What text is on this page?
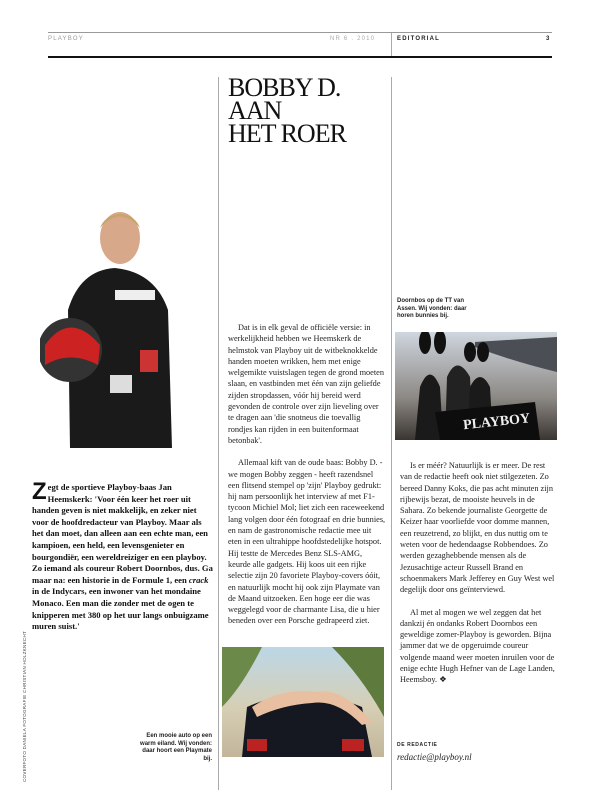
PLAYBOY	NR 6 . 2010	EDITORIAL	3
BOBBY D.
AAN
HET ROER
Zegt de sportieve Playboy-baas Jan Heemskerk: 'Voor één keer het roer uit handen geven is niet makkelijk, en zeker niet voor de hoofdredacteur van Playboy. Maar als het dan moet, dan alleen aan een echte man, een kampioen, een held, een levensgenieter en bourgondiër, een wereldreiziger en een playboy. Zo iemand als coureur Robert Doornbos, dus. Ga maar na: een historie in de Formule 1, een crack in de Indycars, een inwoner van het mondaine Monaco. Een man die zonder met de ogen te knipperen met 380 op het uur langs onbuigzame muren suist.'
COVERFOTO DANIELA FOTOGRAFIE CHRISTIAN HOLZKNECHT	Een mooie auto op een warm eiland. Wij vonden: daar hoort een Playmate bij.

Dat is in elk geval de officiële versie: in werkelijkheid hebben we Heemskerk de helmstok van Playboy uit de witbeknokkelde handen moeten wrikken, hem met enige welgemikte vuistslagen tegen de grond moeten slaan, en vastbinden met één van zijn geliefde zijden stropdassen, vóór hij bereid werd gevonden de controle over zijn lieveling over te dragen aan 'die snotneus die toevallig rondjes kan rijden in een buitenformaat betonbak'.

Allemaal kift van de oude baas: Bobby D. - we mogen Bobby zeggen - heeft razendsnel een flitsend stempel op 'zijn' Playboy gedrukt: hij nam persoonlijk het interview af met F1-tycoon Michiel Mol; liet zich een raceweekend lang volgen door één fotograaf en drie bunnies, en nam de gastronomische redactie mee uit eten in een ultrahippe hoofdstedelijke hotspot. Hij testte de Mercedes Benz SLS-AMG, keurde alle gadgets. Hij koos uit een rijke selectie zijn 20 favoriete Playboy-covers óóit, en natuurlijk mocht hij ook zijn Playmate van de Maand uitzoeken. Een hoge eer die was weggelegd voor de charmante Lisa, die u hier beneden over een Porsche gedrapeerd ziet.

Doornbos op de TT van Assen. Wij vonden: daar horen bunnies bij.
PLAYBOY

Is er méér? Natuurlijk is er meer. De rest van de redactie heeft ook niet stilgezeten. Zo bereed Danny Koks, die pas acht minuten zijn rijbewijs bezat, de mooiste heuvels in de Sahara. Zo bekende journaliste Georgette de Keizer haar voorliefde voor domme mannen, een reuzetrend, zo blijkt, en dus nuttig om te weten voor de hedendaagse Robbendoes. Zo werden gezaghebbende mensen als de Jezusachtige acteur Russell Brand en schoenmakers Mark Jefferey en Guy West wel degelijk door ons geïnterviewd.

Al met al mogen we wel zeggen dat het dankzij én ondanks Robert Doornbos een geweldige zomer-Playboy is geworden. Bijna jammer dat we de opgeruimde coureur volgende maand weer moeten inruilen voor de enige echte Hugh Hefner van de Lage Landen, Heemsboy. ❖

DE REDACTIE
redactie@playboy.nl
